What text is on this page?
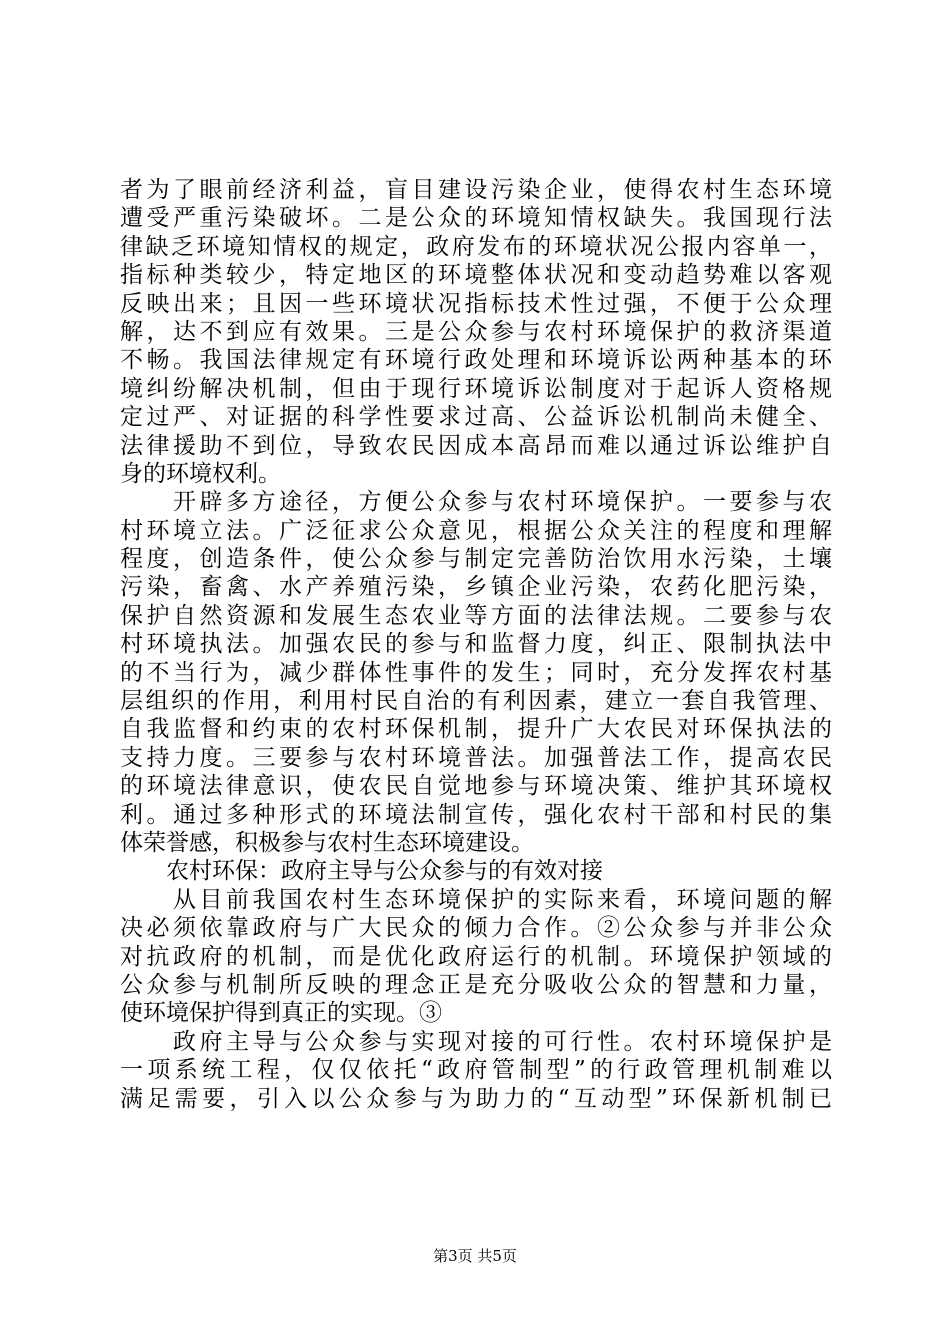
者为了眼前经济利益，盲目建设污染企业，使得农村生态环境
遭受严重污染破坏。二是公众的环境知情权缺失。我国现行法
律缺乏环境知情权的规定，政府发布的环境状况公报内容单一，
指标种类较少，特定地区的环境整体状况和变动趋势难以客观
反映出来；且因一些环境状况指标技术性过强，不便于公众理
解，达不到应有效果。三是公众参与农村环境保护的救济渠道
不畅。我国法律规定有环境行政处理和环境诉讼两种基本的环
境纠纷解决机制，但由于现行环境诉讼制度对于起诉人资格规
定过严、对证据的科学性要求过高、公益诉讼机制尚未健全、
法律援助不到位，导致农民因成本高昂而难以通过诉讼维护自
身的环境权利。
　　开辟多方途径，方便公众参与农村环境保护。一要参与农
村环境立法。广泛征求公众意见，根据公众关注的程度和理解
程度，创造条件，使公众参与制定完善防治饮用水污染，土壤
污染，畜禽、水产养殖污染，乡镇企业污染，农药化肥污染，
保护自然资源和发展生态农业等方面的法律法规。二要参与农
村环境执法。加强农民的参与和监督力度，纠正、限制执法中
的不当行为，减少群体性事件的发生；同时，充分发挥农村基
层组织的作用，利用村民自治的有利因素，建立一套自我管理、
自我监督和约束的农村环保机制，提升广大农民对环保执法的
支持力度。三要参与农村环境普法。加强普法工作，提高农民
的环境法律意识，使农民自觉地参与环境决策、维护其环境权
利。通过多种形式的环境法制宣传，强化农村干部和村民的集
体荣誉感，积极参与农村生态环境建设。
　　农村环保：政府主导与公众参与的有效对接
　　从目前我国农村生态环境保护的实际来看，环境问题的解
决必须依靠政府与广大民众的倾力合作。②公众参与并非公众
对抗政府的机制，而是优化政府运行的机制。环境保护领域的
公众参与机制所反映的理念正是充分吸收公众的智慧和力量，
使环境保护得到真正的实现。③
　　政府主导与公众参与实现对接的可行性。农村环境保护是
一项系统工程，仅仅依托“政府管制型”的行政管理机制难以
满足需要，引入以公众参与为助力的“互动型”环保新机制已
第3页 共5页
